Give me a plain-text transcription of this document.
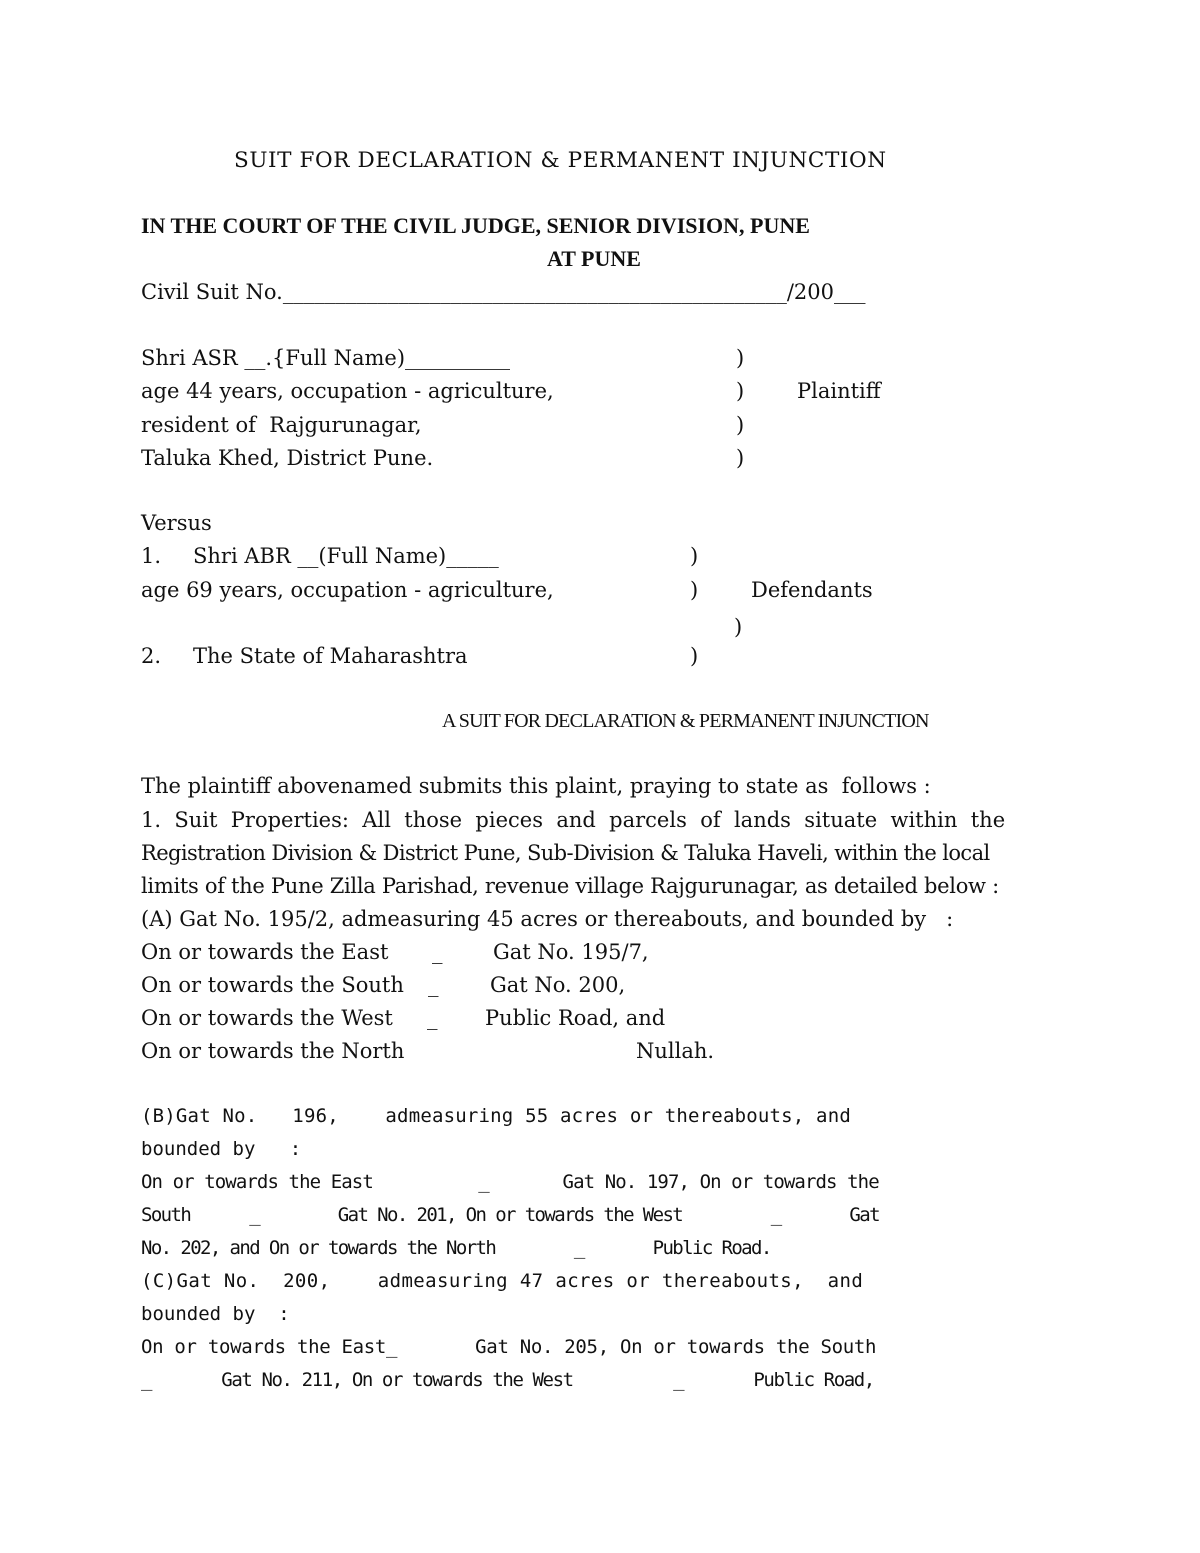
SUIT FOR DECLARATION & PERMANENT INJUNCTION
IN THE COURT OF THE CIVIL JUDGE, SENIOR DIVISION, PUNE
AT PUNE
Civil Suit No.________________________________________________/200___
Shri ASR __.{Full Name)__________
age 44 years, occupation - agriculture,
resident of  Rajgurunagar,
Taluka Khed, District Pune.
)
)
)
)
Plaintiff
Versus
1. Shri ABR __(Full Name)_____
age 69 years, occupation - agriculture,
2. The State of Maharashtra
)
)
)
)
Defendants
A SUIT FOR DECLARATION & PERMANENT INJUNCTION
The plaintiff abovenamed submits this plaint, praying to state as  follows :
1.  Suit  Properties:  All  those  pieces  and  parcels  of  lands  situate  within  the
Registration Division & District Pune, Sub-Division & Taluka Haveli, within the local
limits of the Pune Zilla Parishad, revenue village Rajgurunagar, as detailed below :
(A) Gat No. 195/2, admeasuring 45 acres or thereabouts, and bounded by   :
On or towards the East _ Gat No. 195/7,
On or towards the South _ Gat No. 200,
On or towards the West _ Public Road, and
On or towards the North	Nullah.
(B)Gat No.   196,    admeasuring 55 acres or thereabouts, and
bounded by   :
On or towards the East          _       Gat No. 197, On or towards the
South      _        Gat No. 201, On or towards the West         _       Gat
No. 202, and On or towards the North        _       Public Road.
(C)Gat No.  200,    admeasuring 47 acres or thereabouts,  and
bounded by  :
On or towards the East_       Gat No. 205, On or towards the South
_       Gat No. 211, On or towards the West          _       Public Road,
